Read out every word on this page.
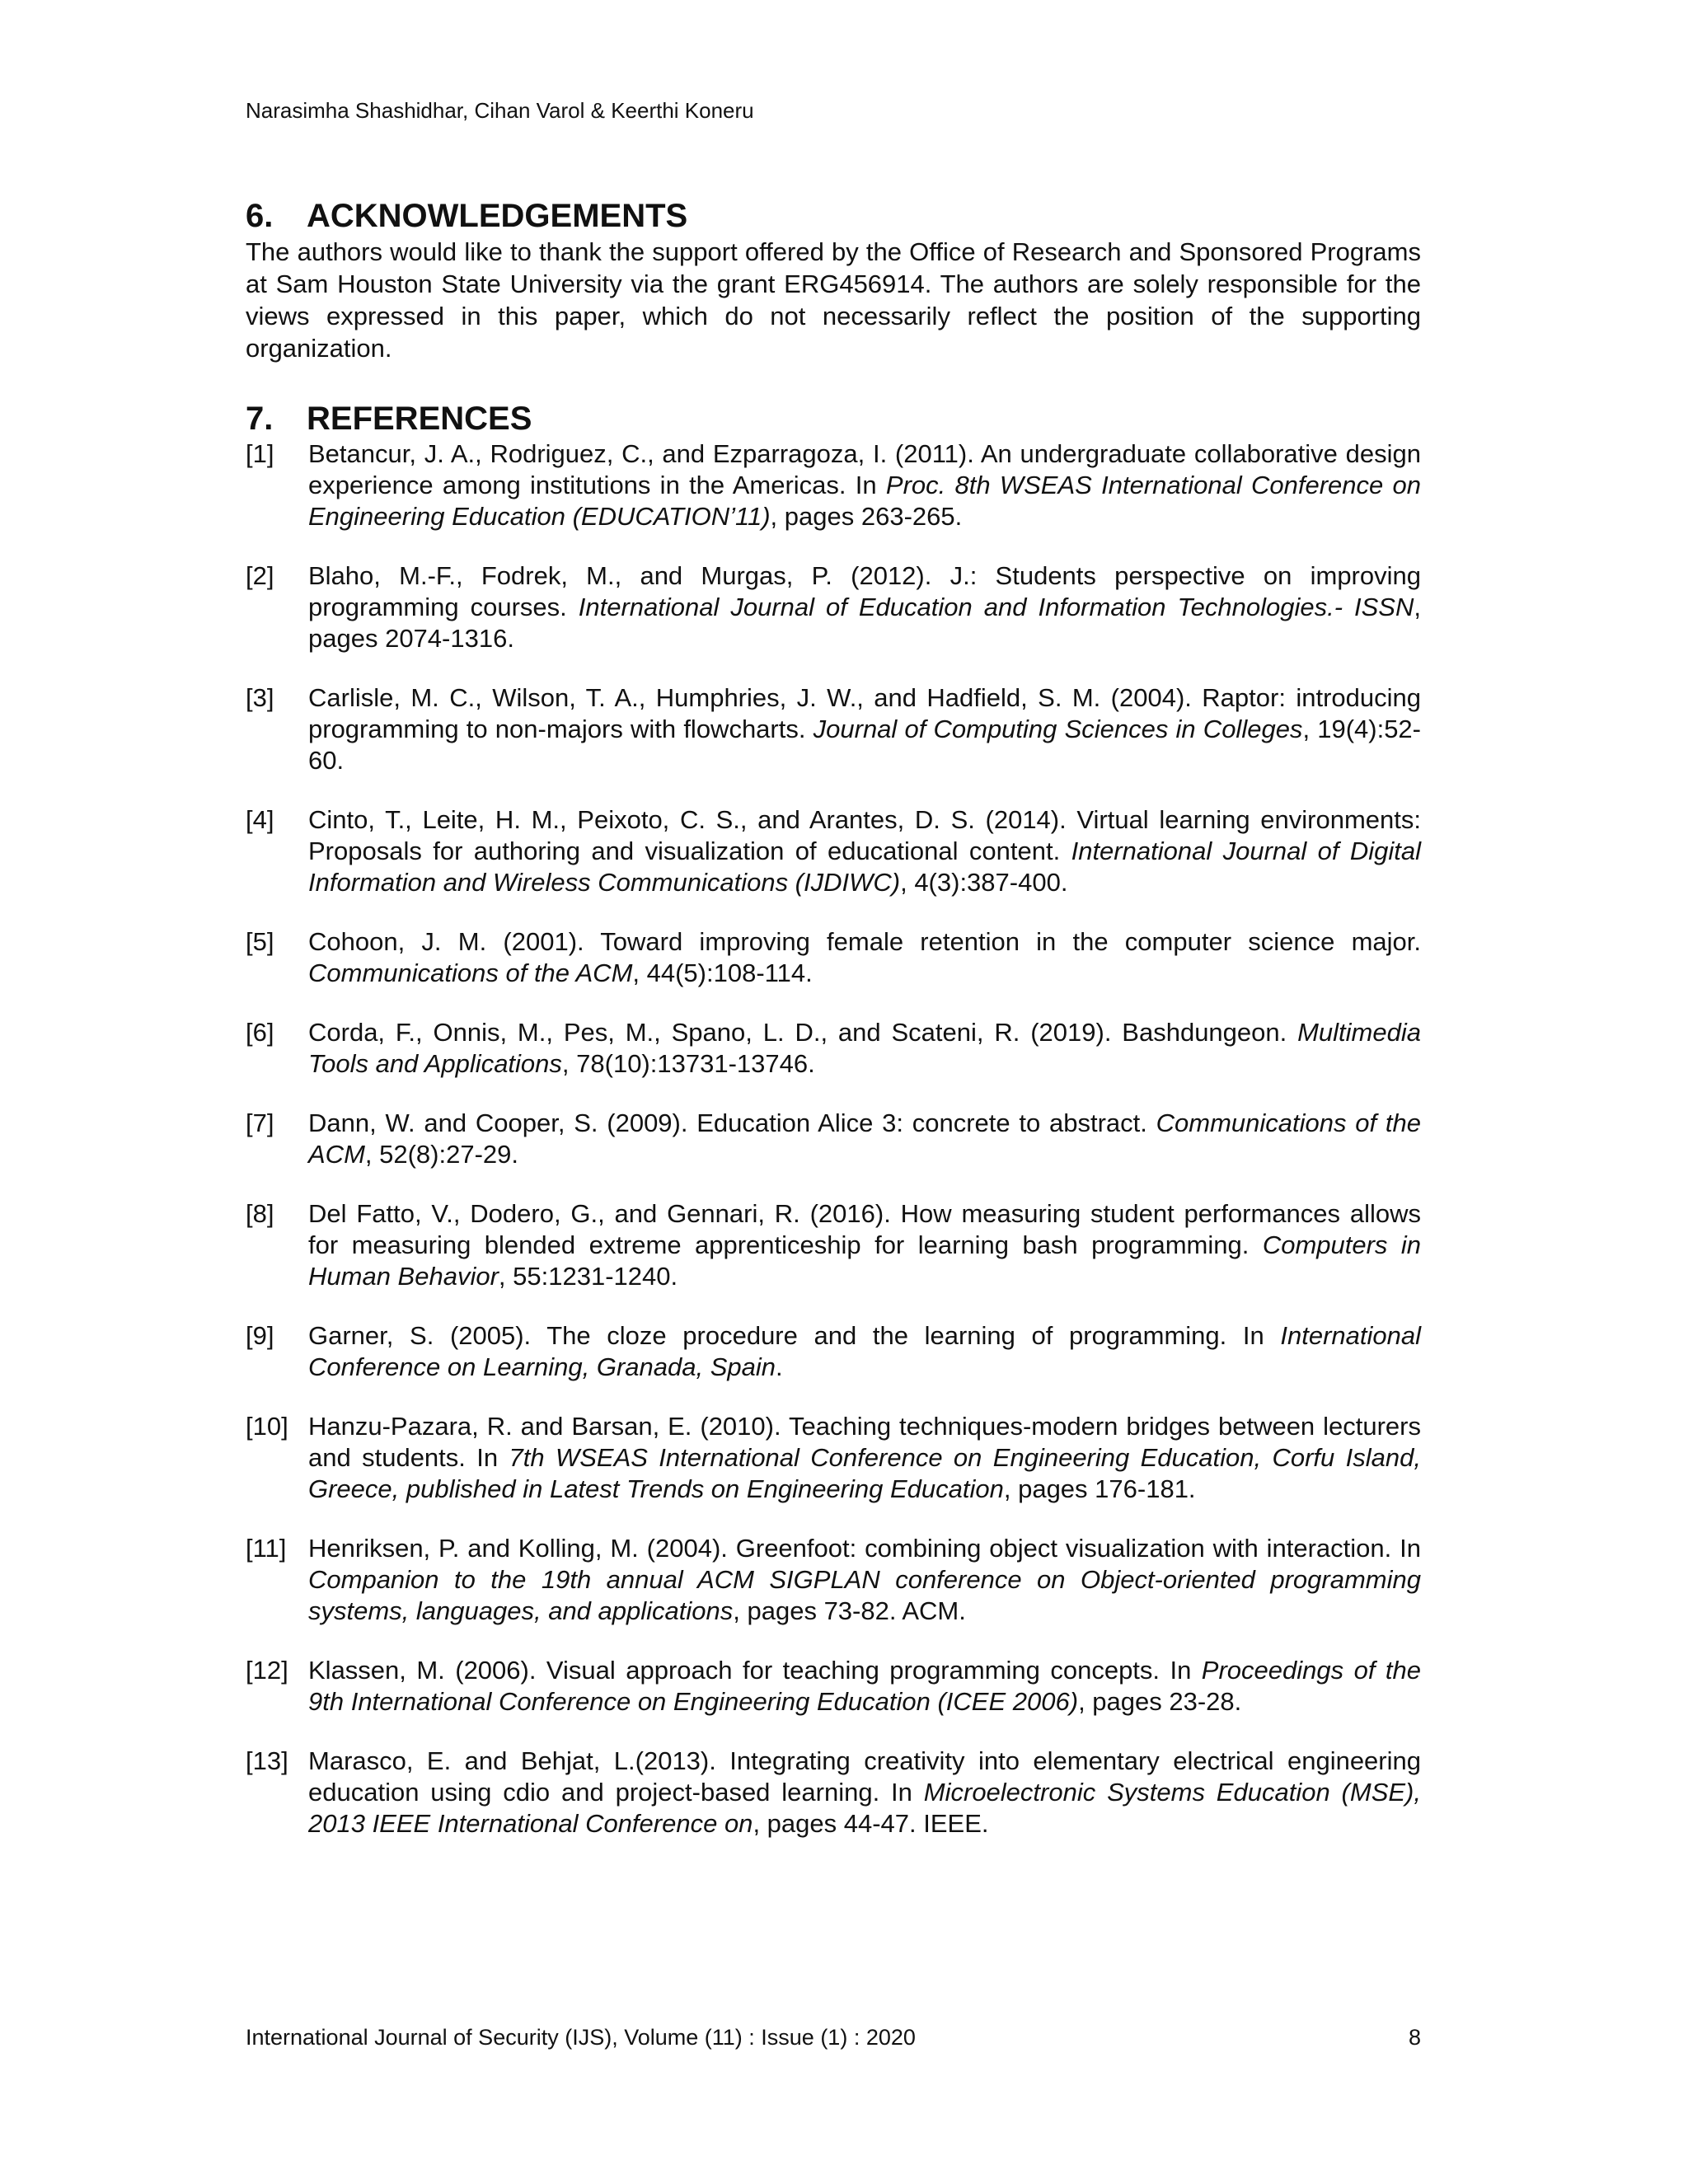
Narasimha Shashidhar, Cihan Varol & Keerthi Koneru
6.	ACKNOWLEDGEMENTS

The authors would like to thank the support offered by the Office of Research and Sponsored Programs at Sam Houston State University via the grant ERG456914. The authors are solely responsible for the views expressed in this paper, which do not necessarily reflect the position of the supporting organization.

7.	REFERENCES
[1]	Betancur, J. A., Rodriguez, C., and Ezparragoza, I. (2011). An undergraduate collaborative design experience among institutions in the Americas. In Proc. 8th WSEAS International Conference on Engineering Education (EDUCATION’11), pages 263-265.
[2]	Blaho, M.-F., Fodrek, M., and Murgas, P. (2012). J.: Students perspective on improving programming courses. International Journal of Education and Information Technologies.- ISSN, pages 2074-1316.
[3]	Carlisle, M. C., Wilson, T. A., Humphries, J. W., and Hadfield, S. M. (2004). Raptor: introducing programming to non-majors with flowcharts. Journal of Computing Sciences in Colleges, 19(4):52-60.
[4]	Cinto, T., Leite, H. M., Peixoto, C. S., and Arantes, D. S. (2014). Virtual learning environments: Proposals for authoring and visualization of educational content. International Journal of Digital Information and Wireless Communications (IJDIWC), 4(3):387-400.
[5]	Cohoon, J. M. (2001). Toward improving female retention in the computer science major. Communications of the ACM, 44(5):108-114.
[6]	Corda, F., Onnis, M., Pes, M., Spano, L. D., and Scateni, R. (2019). Bashdungeon. Multimedia Tools and Applications, 78(10):13731-13746.
[7]	Dann, W. and Cooper, S. (2009). Education Alice 3: concrete to abstract. Communications of the ACM, 52(8):27-29.
[8]	Del Fatto, V., Dodero, G., and Gennari, R. (2016). How measuring student performances allows for measuring blended extreme apprenticeship for learning bash programming. Computers in Human Behavior, 55:1231-1240.
[9]	Garner, S. (2005). The cloze procedure and the learning of programming. In International Conference on Learning, Granada, Spain.
[10] Hanzu-Pazara, R. and Barsan, E. (2010). Teaching techniques-modern bridges between lecturers and students. In 7th WSEAS International Conference on Engineering Education, Corfu Island, Greece, published in Latest Trends on Engineering Education, pages 176-181.
[11] Henriksen, P. and Kolling, M. (2004). Greenfoot: combining object visualization with interaction. In Companion to the 19th annual ACM SIGPLAN conference on Object-oriented programming systems, languages, and applications, pages 73-82. ACM.
[12] Klassen, M. (2006). Visual approach for teaching programming concepts. In Proceedings of the 9th International Conference on Engineering Education (ICEE 2006), pages 23-28.
[13] Marasco, E. and Behjat, L.(2013). Integrating creativity into elementary electrical engineering education using cdio and project-based learning. In Microelectronic Systems Education (MSE), 2013 IEEE International Conference on, pages 44-47. IEEE.
International Journal of Security (IJS), Volume (11) : Issue (1) : 2020	8
